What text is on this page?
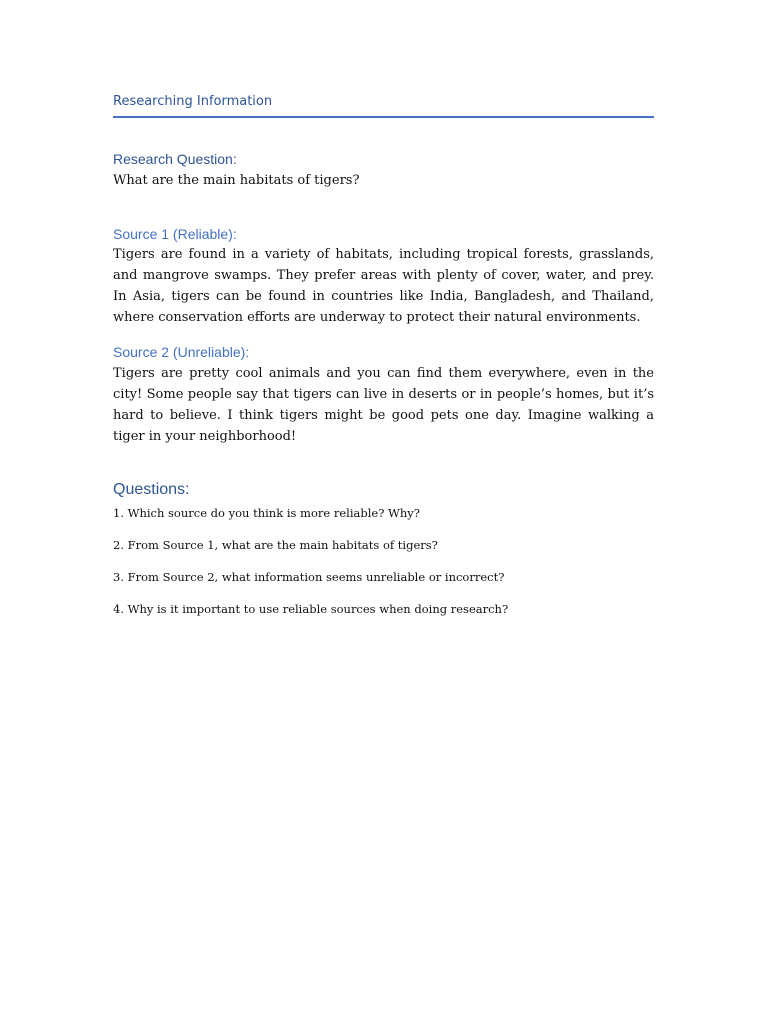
Researching Information
Research Question:
What are the main habitats of tigers?
Source 1 (Reliable):
Tigers are found in a variety of habitats, including tropical forests, grasslands, and mangrove swamps. They prefer areas with plenty of cover, water, and prey. In Asia, tigers can be found in countries like India, Bangladesh, and Thailand, where conservation efforts are underway to protect their natural environments.
Source 2 (Unreliable):
Tigers are pretty cool animals and you can find them everywhere, even in the city! Some people say that tigers can live in deserts or in people’s homes, but it’s hard to believe. I think tigers might be good pets one day. Imagine walking a tiger in your neighborhood!
Questions:
1. Which source do you think is more reliable? Why?
2. From Source 1, what are the main habitats of tigers?
3. From Source 2, what information seems unreliable or incorrect?
4. Why is it important to use reliable sources when doing research?
